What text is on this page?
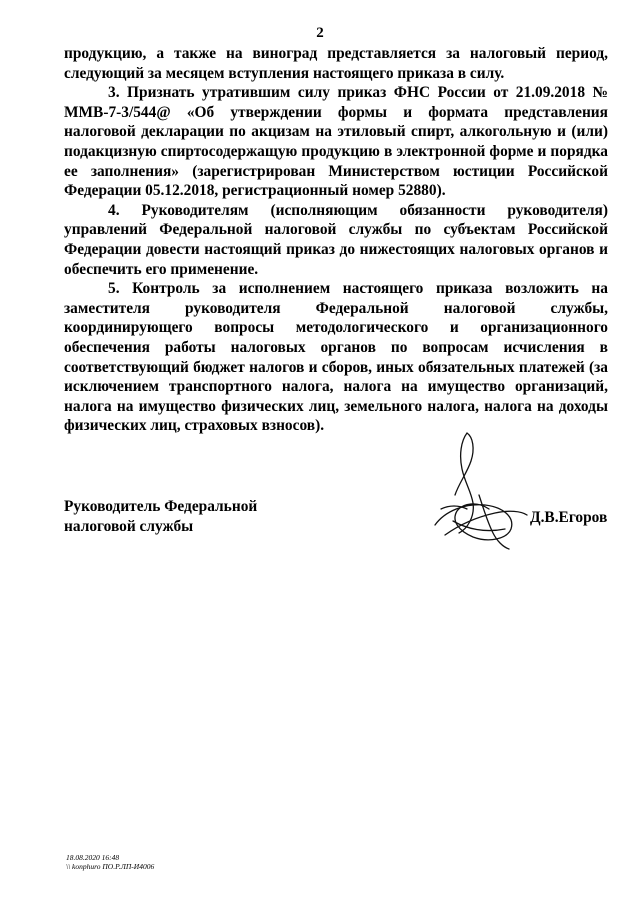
2

продукцию, а также на виноград представляется за налоговый период, следующий за месяцем вступления настоящего приказа в силу.

3. Признать утратившим силу приказ ФНС России от 21.09.2018 № ММВ-7-3/544@ «Об утверждении формы и формата представления налоговой декларации по акцизам на этиловый спирт, алкогольную и (или) подакцизную спиртосодержащую продукцию в электронной форме и порядка ее заполнения» (зарегистрирован Министерством юстиции Российской Федерации 05.12.2018, регистрационный номер 52880).

4. Руководителям (исполняющим обязанности руководителя) управлений Федеральной налоговой службы по субъектам Российской Федерации довести настоящий приказ до нижестоящих налоговых органов и обеспечить его применение.

5. Контроль за исполнением настоящего приказа возложить на заместителя руководителя Федеральной налоговой службы, координирующего вопросы методологического и организационного обеспечения работы налоговых органов по вопросам исчисления в соответствующий бюджет налогов и сборов, иных обязательных платежей (за исключением транспортного налога, налога на имущество организаций, налога на имущество физических лиц, земельного налога, налога на доходы физических лиц, страховых взносов).

Руководитель Федеральной
налоговой службы
Д.В.Егоров
18.08.2020 16:48
\\ konphuro ПО.Р.ЛП-И4006
